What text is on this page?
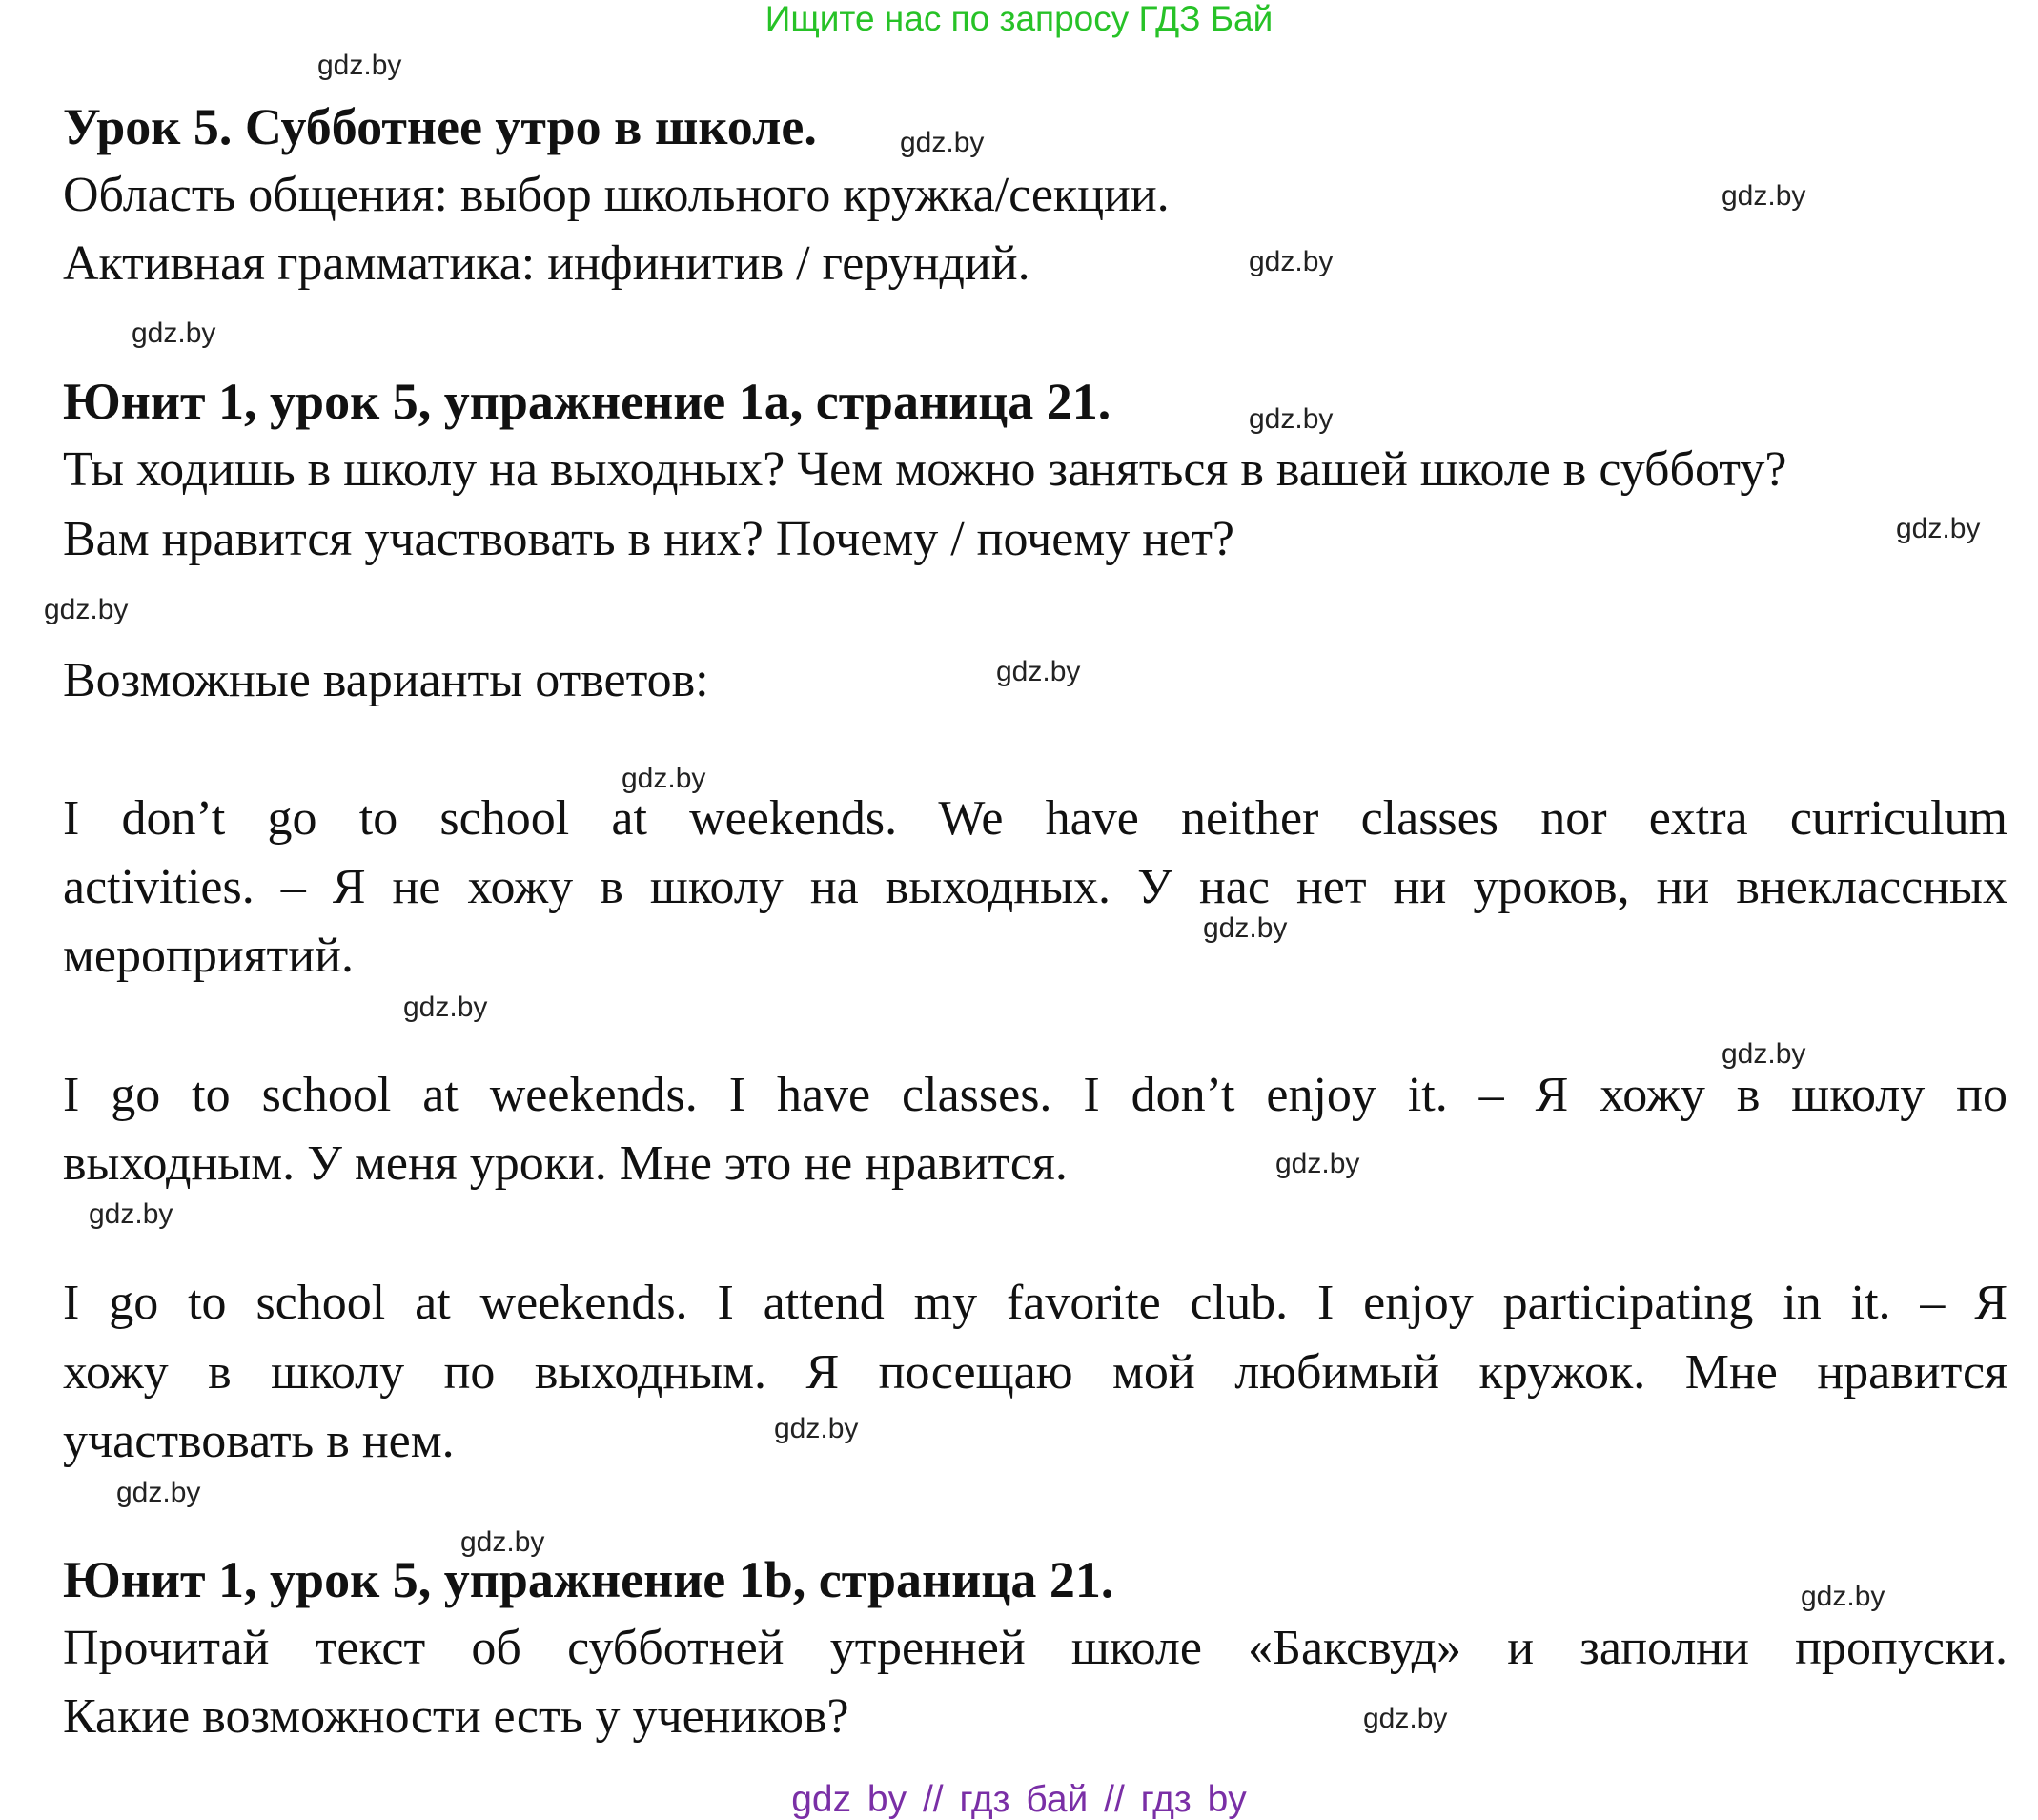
Ищите нас по запросу ГДЗ Бай
Урок 5. Субботнее утро в школе.
Область общения: выбор школьного кружка/секции.
Активная грамматика: инфинитив / герундий.
Юнит 1, урок 5, упражнение 1a, страница 21.
Ты ходишь в школу на выходных? Чем можно заняться в вашей школе в субботу?
Вам нравится участвовать в них? Почему / почему нет?
Возможные варианты ответов:
I don’t go to school at weekends. We have neither classes nor extra curriculum
activities. – Я не хожу в школу на выходных. У нас нет ни уроков, ни внеклассных
мероприятий.
I go to school at weekends. I have classes. I don’t enjoy it. – Я хожу в школу по
выходным. У меня уроки. Мне это не нравится.
I go to school at weekends. I attend my favorite club. I enjoy participating in it. – Я
хожу в школу по выходным. Я посещаю мой любимый кружок. Мне нравится
участвовать в нем.
Юнит 1, урок 5, упражнение 1b, страница 21.
Прочитай текст об субботней утренней школе «Баксвуд» и заполни пропуски.
Какие возможности есть у учеников?
gdz.by
gdz.by
gdz.by
gdz.by
gdz.by
gdz.by
gdz.by
gdz.by
gdz.by
gdz.by
gdz.by
gdz.by
gdz.by
gdz.by
gdz.by
gdz.by
gdz.by
gdz.by
gdz.by
gdz.by
gdz by // гдз бай // гдз by
